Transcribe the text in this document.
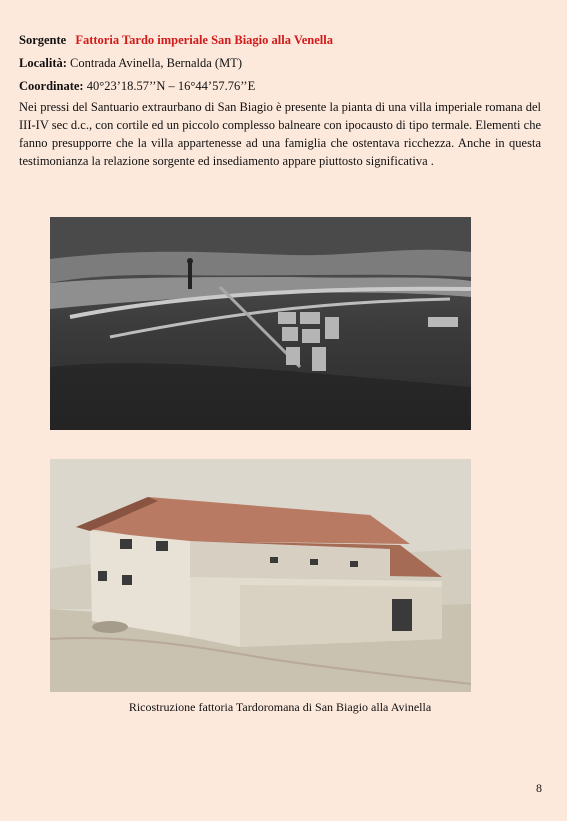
Sorgente Fattoria Tardo imperiale San Biagio alla Venella
Località: Contrada Avinella, Bernalda (MT)
Coordinate: 40°23’18.57’’N – 16°44’57.76’’E
Nei pressi del Santuario extraurbano di San Biagio è presente la pianta di una villa imperiale romana del III-IV sec d.c., con cortile ed un piccolo complesso balneare con ipocausto di tipo termale. Elementi che fanno presupporre che la villa appartenesse ad una famiglia che ostentava ricchezza. Anche in questa testimonianza la relazione sorgente ed insediamento appare piuttosto significativa .
Ricostruzione fattoria Tardoromana di San Biagio alla Avinella
8
